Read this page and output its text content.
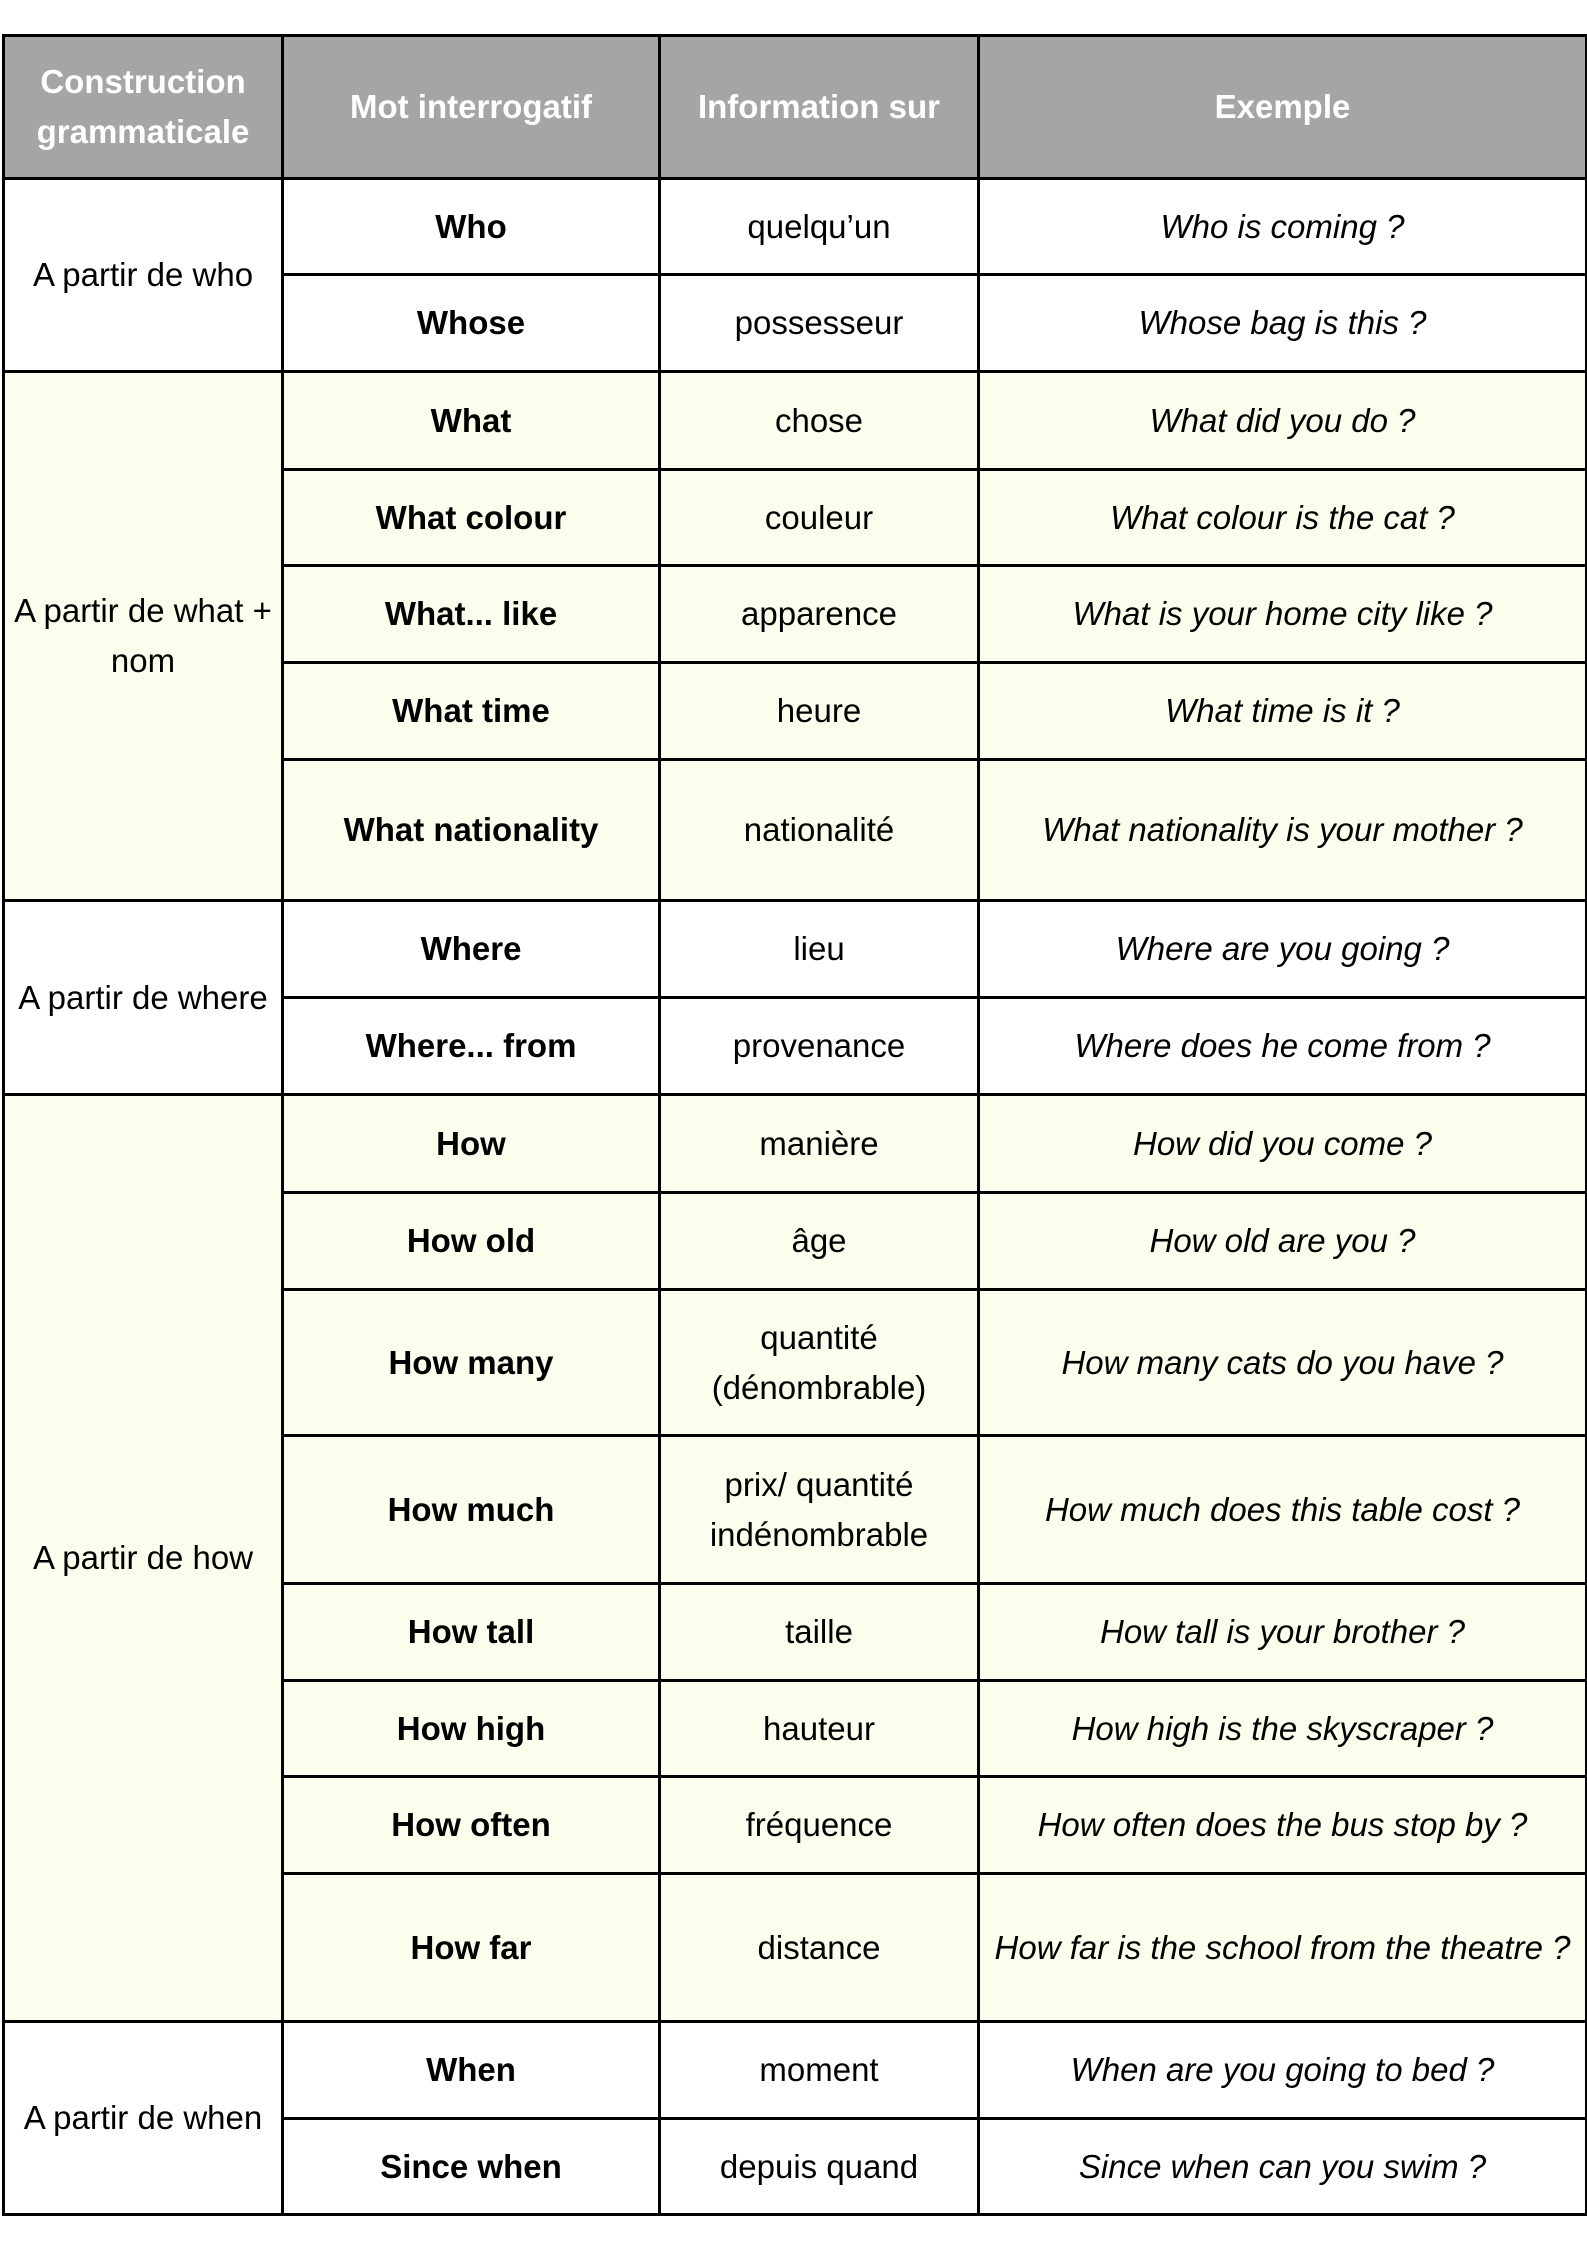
Construction grammaticale	Mot interrogatif	Information sur	Exemple
A partir de who	Who	quelqu’un	Who is coming ?
	Whose	possesseur	Whose bag is this ?
A partir de what + nom	What	chose	What did you do ?
	What colour	couleur	What colour is the cat ?
	What... like	apparence	What is your home city like ?
	What time	heure	What time is it ?
	What nationality	nationalité	What nationality is your mother ?
A partir de where	Where	lieu	Where are you going ?
	Where... from	provenance	Where does he come from ?
A partir de how	How	manière	How did you come ?
	How old	âge	How old are you ?
	How many	quantité (dénombrable)	How many cats do you have ?
	How much	prix/ quantité indénombrable	How much does this table cost ?
	How tall	taille	How tall is your brother ?
	How high	hauteur	How high is the skyscraper ?
	How often	fréquence	How often does the bus stop by ?
	How far	distance	How far is the school from the theatre ?
A partir de when	When	moment	When are you going to bed ?
	Since when	depuis quand	Since when can you swim ?
